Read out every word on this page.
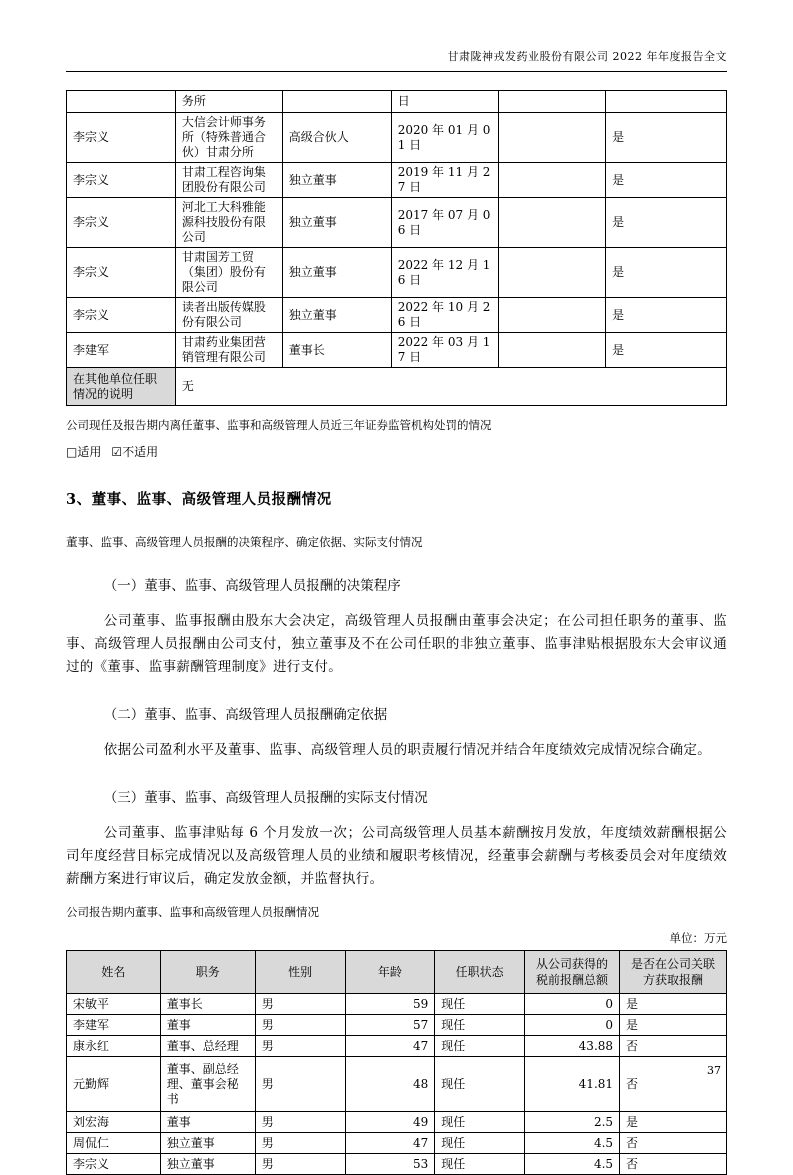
甘肃陇神戎发药业股份有限公司 2022 年年度报告全文
	务所		日		
李宗义	大信会计师事务所（特殊普通合伙）甘肃分所	高级合伙人	2020 年 01 月 01 日		是
李宗义	甘肃工程咨询集团股份有限公司	独立董事	2019 年 11 月 27 日		是
李宗义	河北工大科雅能源科技股份有限公司	独立董事	2017 年 07 月 06 日		是
李宗义	甘肃国芳工贸（集团）股份有限公司	独立董事	2022 年 12 月 16 日		是
李宗义	读者出版传媒股份有限公司	独立董事	2022 年 10 月 26 日		是
李建军	甘肃药业集团营销管理有限公司	董事长	2022 年 03 月 17 日		是
在其他单位任职情况的说明	无				
公司现任及报告期内离任董事、监事和高级管理人员近三年证券监管机构处罚的情况
□适用 ☑不适用
3、董事、监事、高级管理人员报酬情况
董事、监事、高级管理人员报酬的决策程序、确定依据、实际支付情况
（一）董事、监事、高级管理人员报酬的决策程序
公司董事、监事报酬由股东大会决定，高级管理人员报酬由董事会决定；在公司担任职务的董事、监事、高级管理人员报酬由公司支付，独立董事及不在公司任职的非独立董事、监事津贴根据股东大会审议通过的《董事、监事薪酬管理制度》进行支付。
（二）董事、监事、高级管理人员报酬确定依据
依据公司盈利水平及董事、监事、高级管理人员的职责履行情况并结合年度绩效完成情况综合确定。
（三）董事、监事、高级管理人员报酬的实际支付情况
公司董事、监事津贴每 6 个月发放一次；公司高级管理人员基本薪酬按月发放，年度绩效薪酬根据公司年度经营目标完成情况以及高级管理人员的业绩和履职考核情况，经董事会薪酬与考核委员会对年度绩效薪酬方案进行审议后，确定发放金额，并监督执行。
公司报告期内董事、监事和高级管理人员报酬情况
单位：万元
姓名	职务	性别	年龄	任职状态	从公司获得的税前报酬总额	是否在公司关联方获取报酬
宋敏平	董事长	男	59	现任	0	是
李建军	董事	男	57	现任	0	是
康永红	董事、总经理	男	47	现任	43.88	否
元勤辉	董事、副总经理、董事会秘书	男	48	现任	41.81	否
刘宏海	董事	男	49	现任	2.5	是
周侃仁	独立董事	男	47	现任	4.5	否
李宗义	独立董事	男	53	现任	4.5	否
37
